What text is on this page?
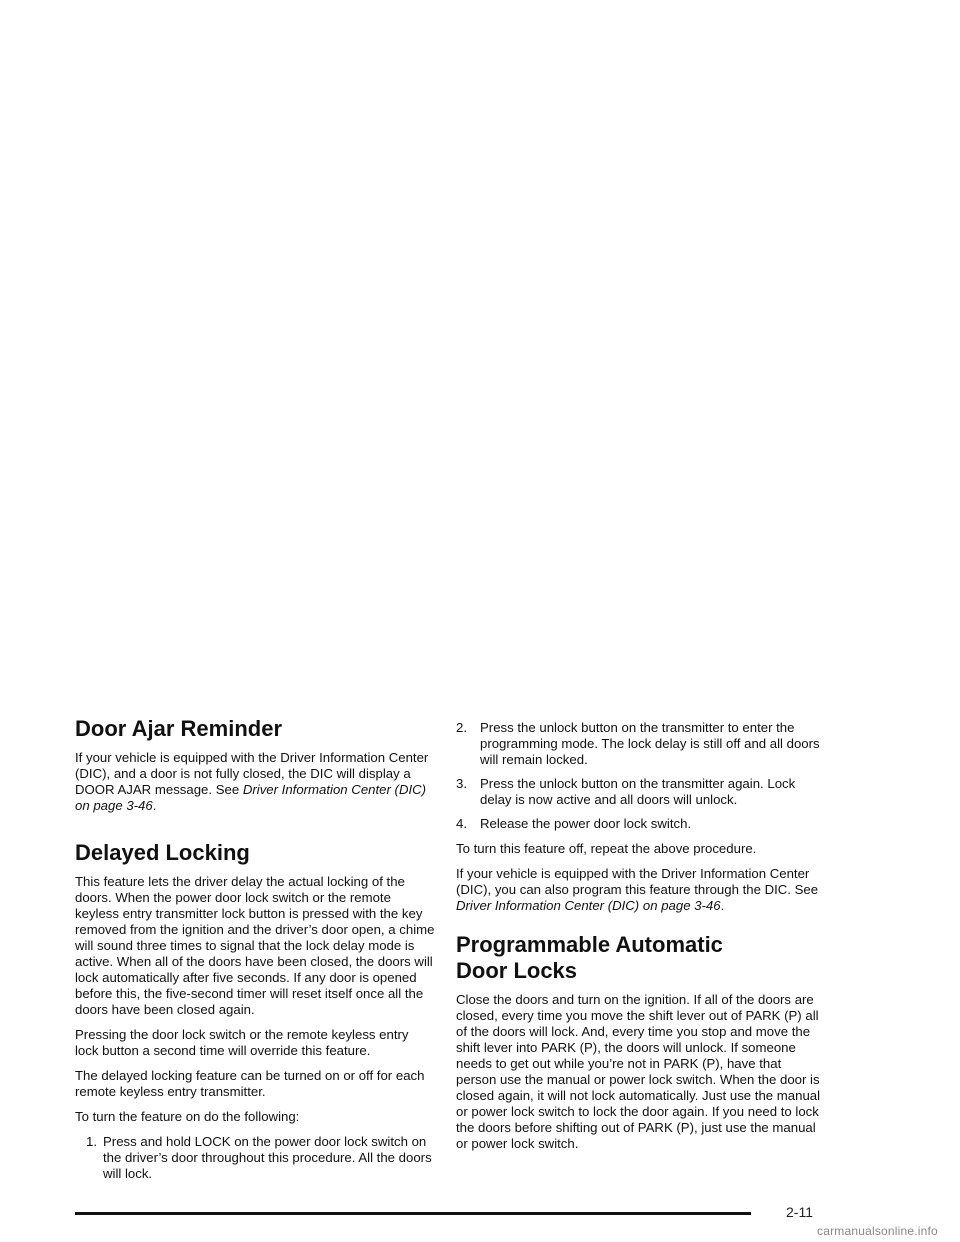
Door Ajar Reminder

If your vehicle is equipped with the Driver Information Center (DIC), and a door is not fully closed, the DIC will display a DOOR AJAR message. See Driver Information Center (DIC) on page 3-46.

Delayed Locking

This feature lets the driver delay the actual locking of the doors. When the power door lock switch or the remote keyless entry transmitter lock button is pressed with the key removed from the ignition and the driver’s door open, a chime will sound three times to signal that the lock delay mode is active. When all of the doors have been closed, the doors will lock automatically after five seconds. If any door is opened before this, the five-second timer will reset itself once all the doors have been closed again.

Pressing the door lock switch or the remote keyless entry lock button a second time will override this feature.

The delayed locking feature can be turned on or off for each remote keyless entry transmitter.

To turn the feature on do the following:

1. Press and hold LOCK on the power door lock switch on the driver’s door throughout this procedure. All the doors will lock.
2. Press the unlock button on the transmitter to enter the programming mode. The lock delay is still off and all doors will remain locked.
3. Press the unlock button on the transmitter again. Lock delay is now active and all doors will unlock.
4. Release the power door lock switch.

To turn this feature off, repeat the above procedure.

If your vehicle is equipped with the Driver Information Center (DIC), you can also program this feature through the DIC. See Driver Information Center (DIC) on page 3-46.

Programmable Automatic
Door Locks

Close the doors and turn on the ignition. If all of the doors are closed, every time you move the shift lever out of PARK (P) all of the doors will lock. And, every time you stop and move the shift lever into PARK (P), the doors will unlock. If someone needs to get out while you’re not in PARK (P), have that person use the manual or power lock switch. When the door is closed again, it will not lock automatically. Just use the manual or power lock switch to lock the door again. If you need to lock the doors before shifting out of PARK (P), just use the manual or power lock switch.

2-11
carmanualsonline.info
